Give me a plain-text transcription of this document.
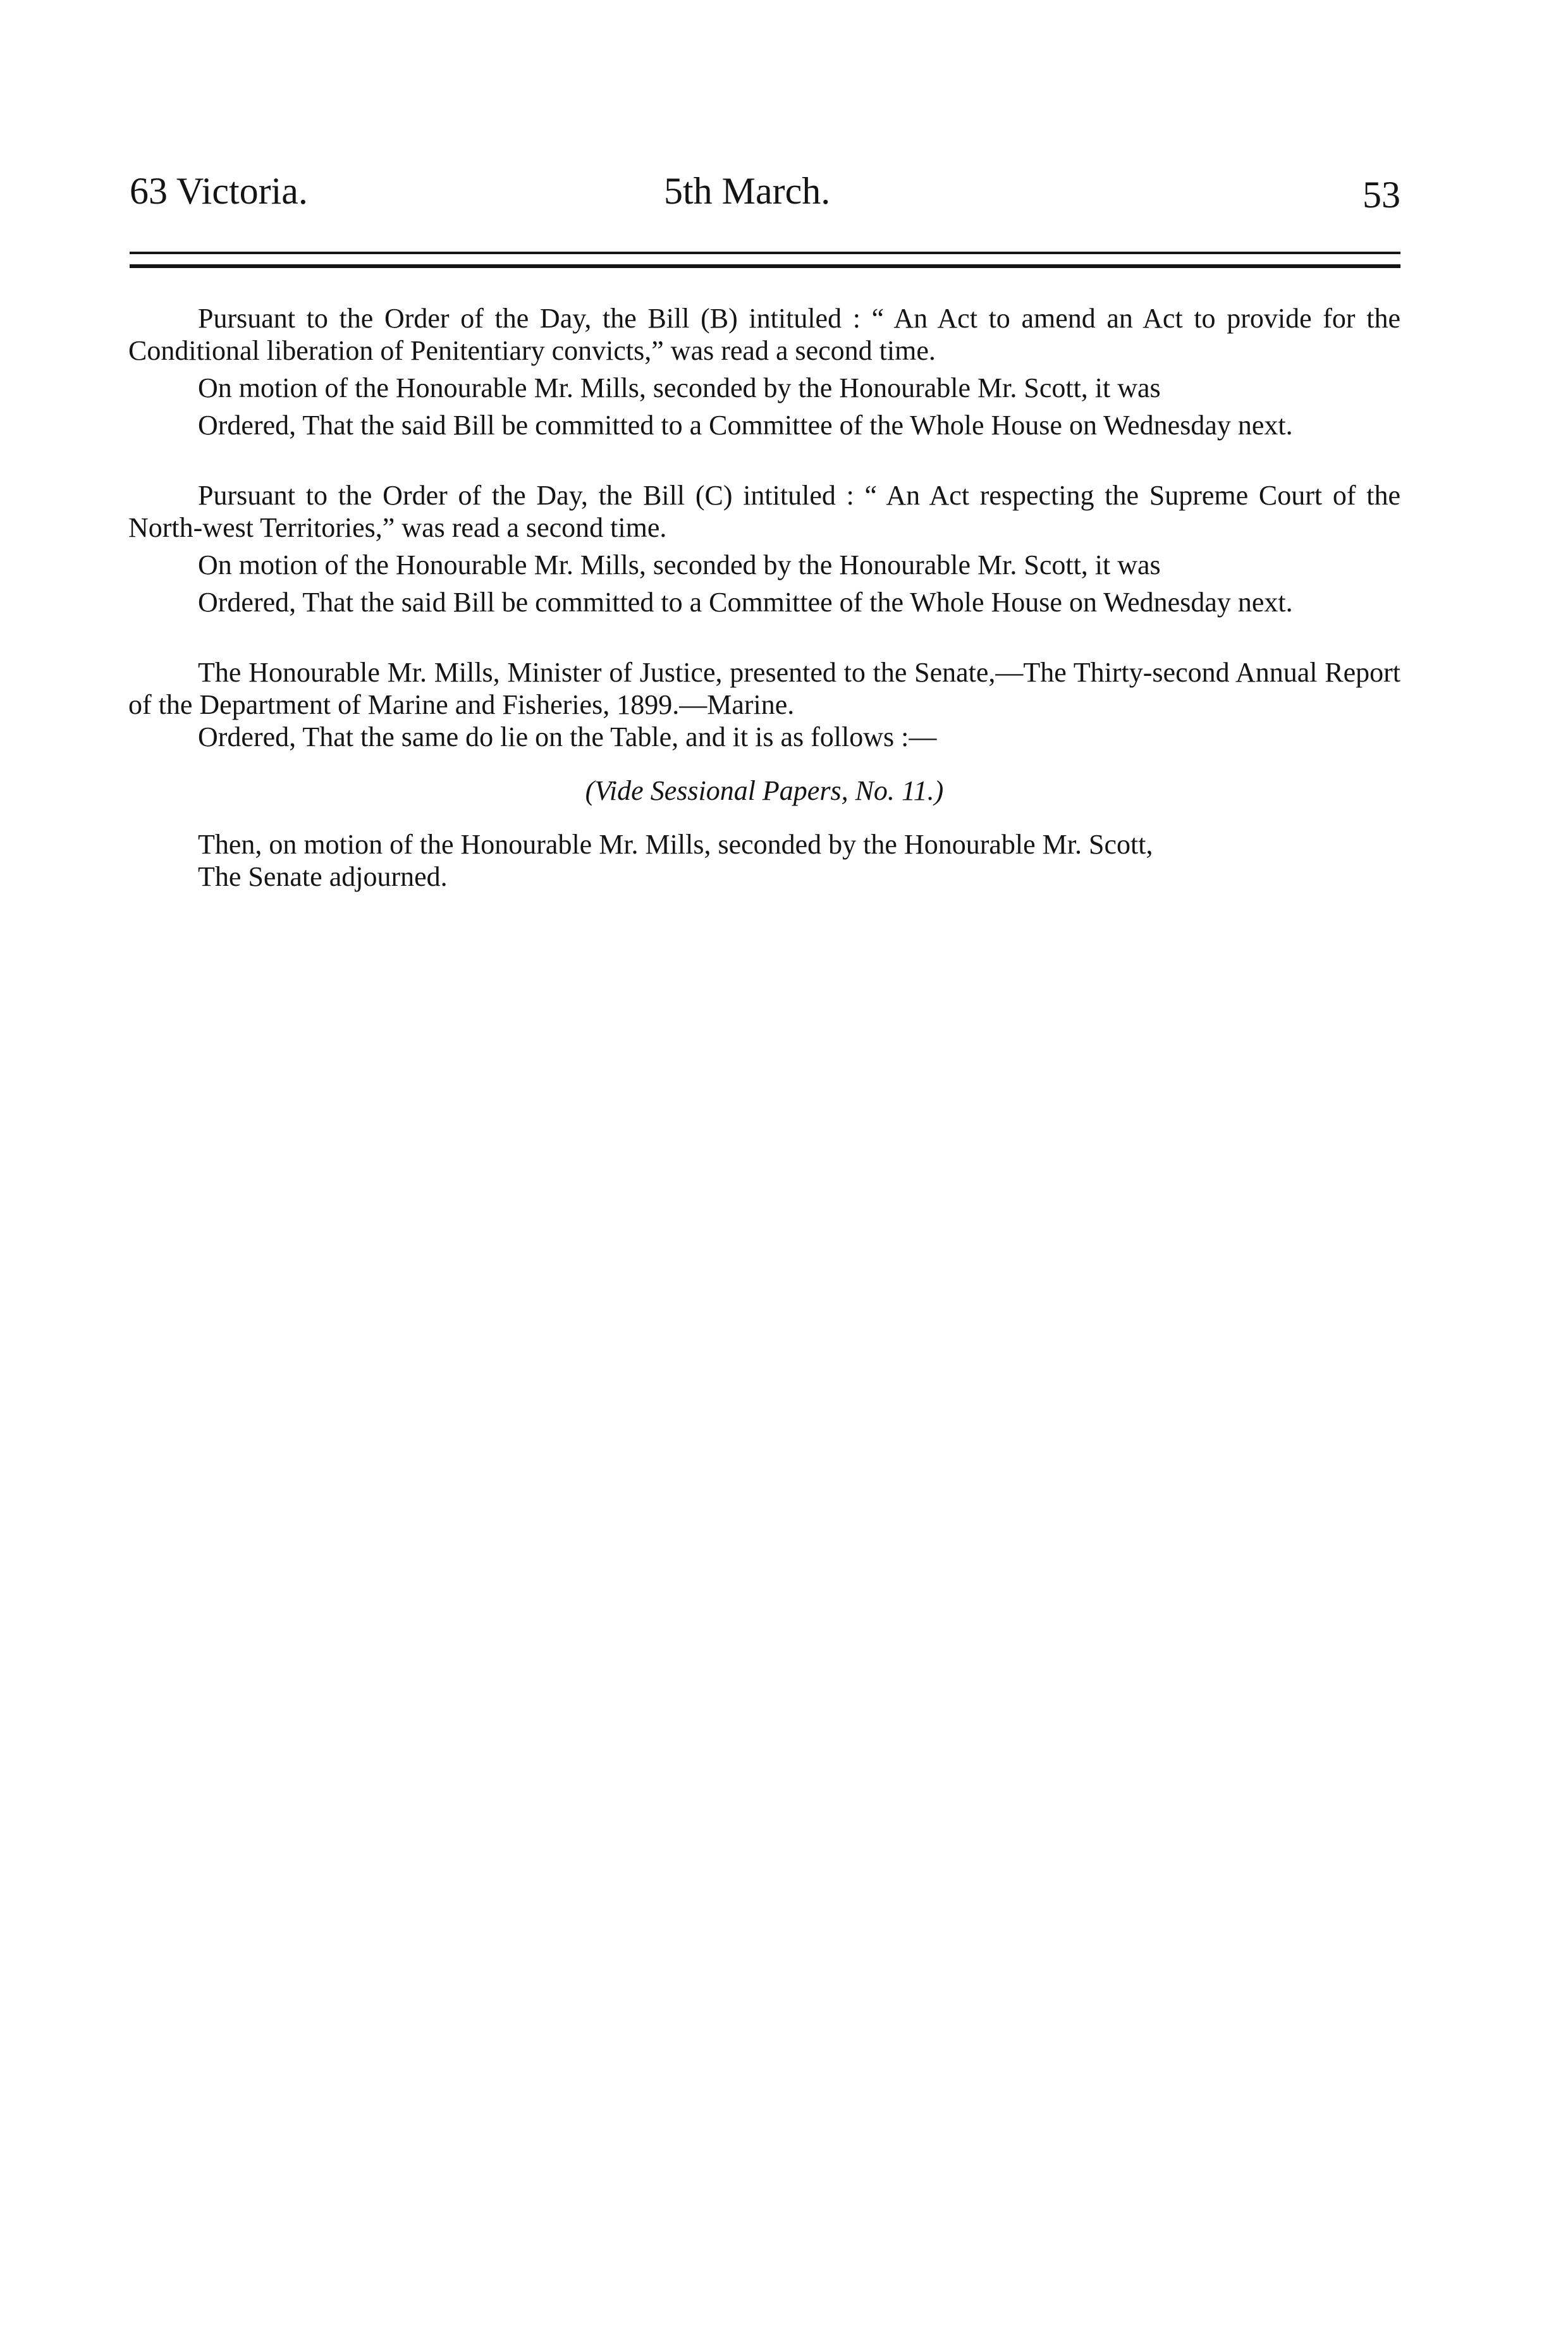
63 Victoria.	5th March.	53

Pursuant to the Order of the Day, the Bill (B) intituled : “ An Act to amend an Act to provide for the Conditional liberation of Penitentiary convicts,” was read a second time.

On motion of the Honourable Mr. Mills, seconded by the Honourable Mr. Scott, it was

Ordered, That the said Bill be committed to a Committee of the Whole House on Wednesday next.

Pursuant to the Order of the Day, the Bill (C) intituled : “ An Act respecting the Supreme Court of the North-west Territories,” was read a second time.

On motion of the Honourable Mr. Mills, seconded by the Honourable Mr. Scott, it was

Ordered, That the said Bill be committed to a Committee of the Whole House on Wednesday next.

The Honourable Mr. Mills, Minister of Justice, presented to the Senate,—The Thirty-second Annual Report of the Department of Marine and Fisheries, 1899.—Marine.

Ordered, That the same do lie on the Table, and it is as follows :—

(Vide Sessional Papers, No. 11.)

Then, on motion of the Honourable Mr. Mills, seconded by the Honourable Mr. Scott,

The Senate adjourned.
